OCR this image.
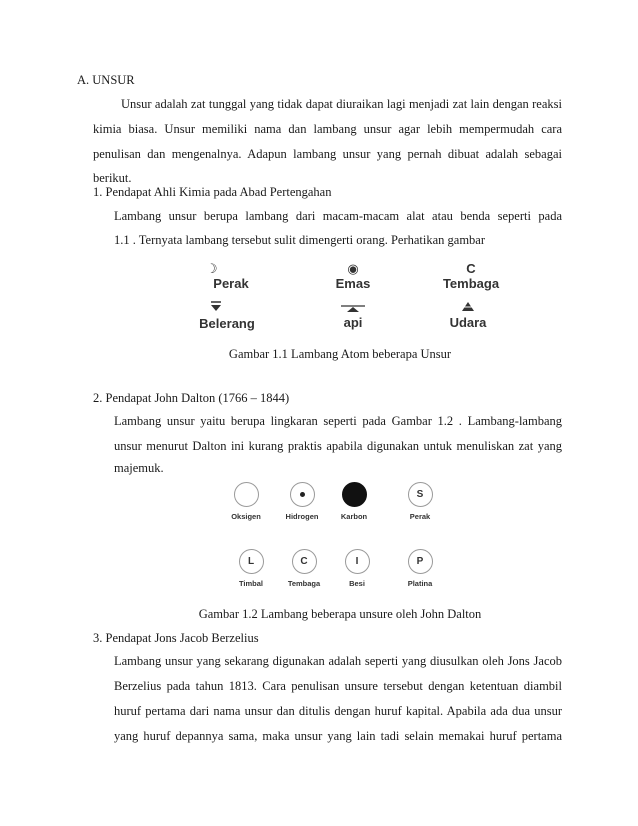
A. UNSUR
Unsur adalah zat tunggal yang tidak dapat diuraikan lagi menjadi zat lain dengan reaksi
kimia biasa. Unsur memiliki nama dan lambang unsur agar lebih mempermudah cara
penulisan dan mengenalnya. Adapun lambang unsur yang pernah dibuat adalah sebagai
berikut.
1. Pendapat Ahli Kimia pada Abad Pertengahan
Lambang unsur berupa lambang dari macam-macam alat atau benda seperti pada
1.1 . Ternyata lambang tersebut sulit dimengerti orang. Perhatikan gambar
☽
Perak
◉
Emas
C
Tembaga
Belerang	api	Udara
Gambar 1.1 Lambang Atom beberapa Unsur
2. Pendapat John Dalton (1766 – 1844)
Lambang unsur yaitu berupa lingkaran seperti pada Gambar 1.2 . Lambang-lambang
unsur menurut Dalton ini kurang praktis apabila digunakan untuk menuliskan zat yang
majemuk.
Oksigen	Hidrogen	Karbon
S
Perak
L
Timbal
C
Tembaga
I
Besi
P
Platina
Gambar 1.2 Lambang beberapa unsure oleh John Dalton
3. Pendapat Jons Jacob Berzelius
Lambang unsur yang sekarang digunakan adalah seperti yang diusulkan oleh Jons Jacob
Berzelius pada tahun 1813. Cara penulisan unsure tersebut dengan ketentuan diambil
huruf pertama dari nama unsur dan ditulis dengan huruf kapital. Apabila ada dua unsur
yang huruf depannya sama, maka unsur yang lain tadi selain memakai huruf pertama
